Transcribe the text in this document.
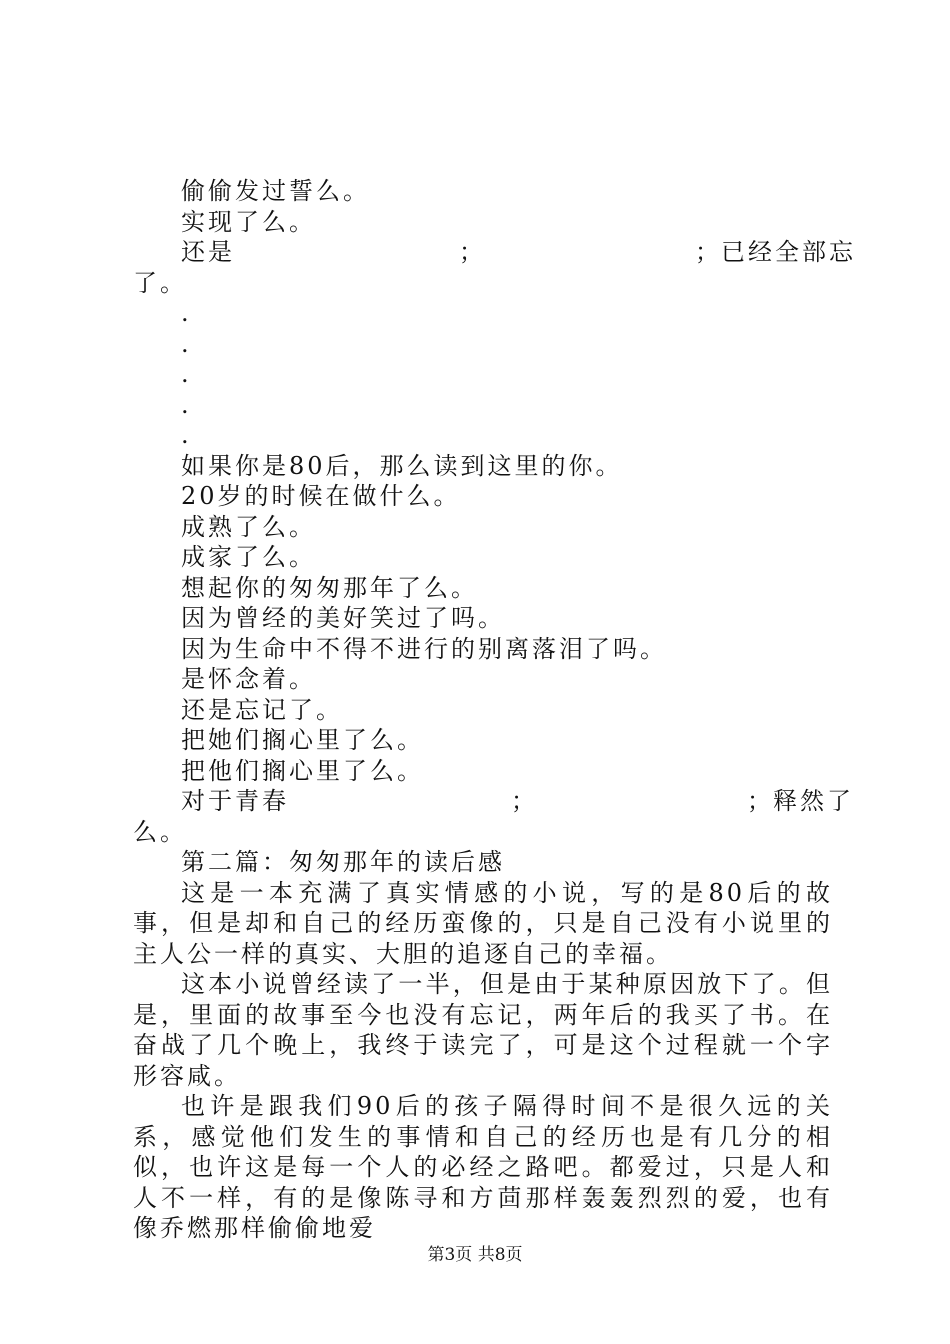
偷偷发过誓么。
实现了么。
还是	；	； 已经全部忘
了。
.
.
.
.
.
如果你是80后，那么读到这里的你。
20岁的时候在做什么。
成熟了么。
成家了么。
想起你的匆匆那年了么。
因为曾经的美好笑过了吗。
因为生命中不得不进行的别离落泪了吗。
是怀念着。
还是忘记了。
把她们搁心里了么。
把他们搁心里了么。
对于青春	；	； 释然了
么。
第二篇：匆匆那年的读后感
这是一本充满了真实情感的小说，写的是80后的故事，但是却和自己的经历蛮像的，只是自己没有小说里的主人公一样的真实、大胆的追逐自己的幸福。
这本小说曾经读了一半，但是由于某种原因放下了。但是，里面的故事至今也没有忘记，两年后的我买了书。在奋战了几个晚上，我终于读完了，可是这个过程就一个字形容咸。
也许是跟我们90后的孩子隔得时间不是很久远的关系，感觉他们发生的事情和自己的经历也是有几分的相似，也许这是每一个人的必经之路吧。都爱过，只是人和人不一样，有的是像陈寻和方茴那样轰轰烈烈的爱，也有像乔燃那样偷偷地爱
第3页 共8页
